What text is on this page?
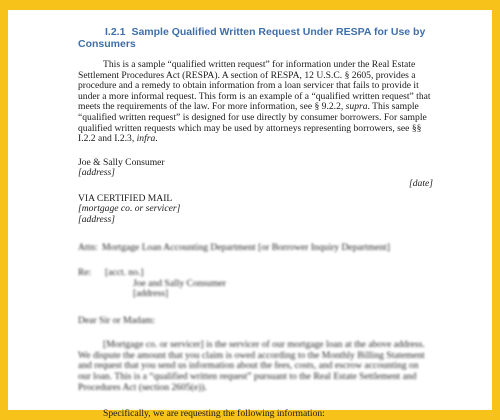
I.2.1 Sample Qualified Written Request Under RESPA for Use by Consumers

This is a sample “qualified written request” for information under the Real Estate Settlement Procedures Act (RESPA). A section of RESPA, 12 U.S.C. § 2605, provides a procedure and a remedy to obtain information from a loan servicer that fails to provide it under a more informal request. This form is an example of a “qualified written request” that meets the requirements of the law. For more information, see § 9.2.2, supra. This sample “qualified written request” is designed for use directly by consumer borrowers. For sample qualified written requests which may be used by attorneys representing borrowers, see §§ I.2.2 and I.2.3, infra.

Joe & Sally Consumer

[address]

[date]

VIA CERTIFIED MAIL

[mortgage co. or servicer]

[address]

Attn: Mortgage Loan Accounting Department [or Borrower Inquiry Department]

Re:	[acct. no.]
Joe and Sally Consumer
[address]

Dear Sir or Madam:

[Mortgage co. or servicer] is the servicer of our mortgage loan at the above address. We dispute the amount that you claim is owed according to the Monthly Billing Statement and request that you send us information about the fees, costs, and escrow accounting on our loan. This is a “qualified written request” pursuant to the Real Estate Settlement and Procedures Act (section 2605(e)).

Specifically, we are requesting the following information:
